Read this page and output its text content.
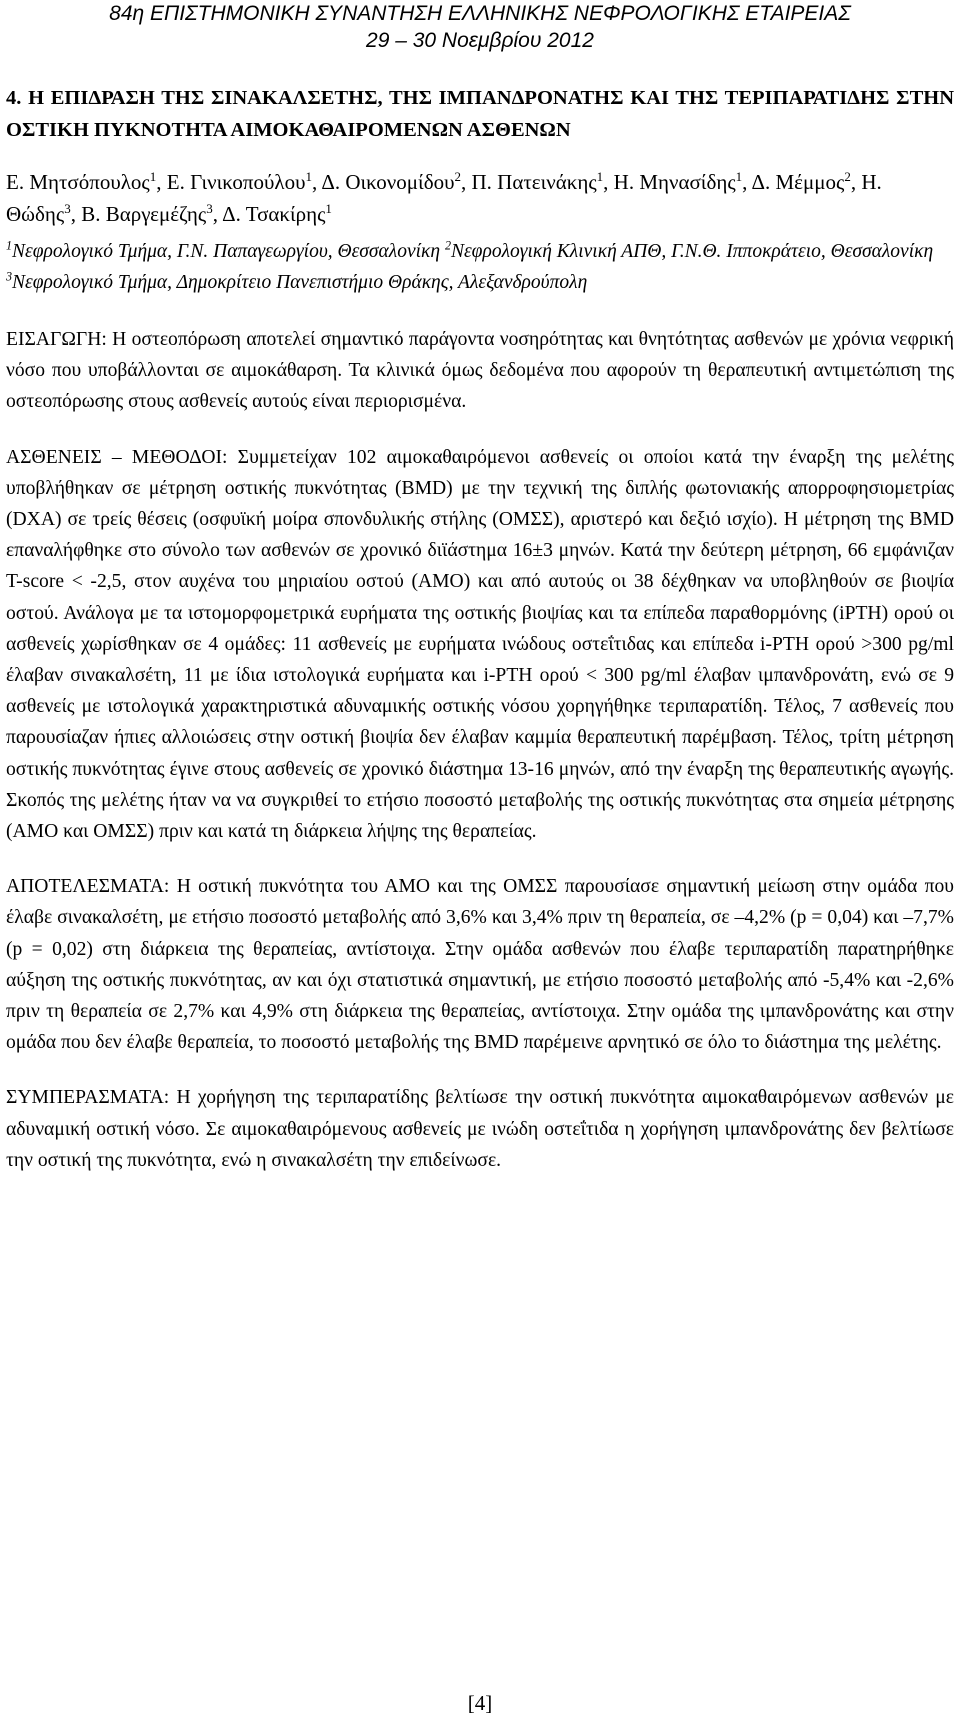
84η ΕΠΙΣΤΗΜΟΝΙΚΗ ΣΥΝΑΝΤΗΣΗ ΕΛΛΗΝΙΚΗΣ ΝΕΦΡΟΛΟΓΙΚΗΣ ΕΤΑΙΡΕΙΑΣ
29 – 30 Νοεμβρίου 2012
4. Η ΕΠΙΔΡΑΣΗ ΤΗΣ ΣΙΝΑΚΑΛΣΕΤΗΣ, ΤΗΣ ΙΜΠΑΝΔΡΟΝΑΤΗΣ ΚΑΙ ΤΗΣ ΤΕΡΙΠΑΡΑΤΙΔΗΣ ΣΤΗΝ ΟΣΤΙΚΗ ΠΥΚΝΟΤΗΤΑ ΑΙΜΟΚΑΘΑΙΡΟΜΕΝΩΝ ΑΣΘΕΝΩΝ
Ε. Μητσόπουλος$^1$, Ε. Γινικοπούλου$^1$, Δ. Οικονομίδου$^2$, Π. Πατεινάκης$^1$, Η. Μηνασίδης$^1$, Δ. Μέμμος$^2$, Η. Θώδης$^3$, Β. Βαργεμέζης$^3$, Δ. Τσακίρης$^1$
$^1$Νεφρολογικό Τμήμα, Γ.Ν. Παπαγεωργίου, Θεσσαλονίκη $^2$Νεφρολογική Κλινική ΑΠΘ, Γ.Ν.Θ. Ιπποκράτειο, Θεσσαλονίκη $^3$Νεφρολογικό Τμήμα, Δημοκρίτειο Πανεπιστήμιο Θράκης, Αλεξανδρούπολη
ΕΙΣΑΓΩΓΗ: Η οστεοπόρωση αποτελεί σημαντικό παράγοντα νοσηρότητας και θνητότητας ασθενών με χρόνια νεφρική νόσο που υποβάλλονται σε αιμοκάθαρση. Τα κλινικά όμως δεδομένα που αφορούν τη θεραπευτική αντιμετώπιση της οστεοπόρωσης στους ασθενείς αυτούς είναι περιορισμένα.
ΑΣΘΕΝΕΙΣ – ΜΕΘΟΔΟΙ: Συμμετείχαν 102 αιμοκαθαιρόμενοι ασθενείς οι οποίοι κατά την έναρξη της μελέτης υποβλήθηκαν σε μέτρηση οστικής πυκνότητας (BMD) με την τεχνική της διπλής φωτονιακής απορροφησιομετρίας (DXA) σε τρείς θέσεις (οσφυϊκή μοίρα σπονδυλικής στήλης (ΟΜΣΣ), αριστερό και δεξιό ισχίο). Η μέτρηση της BMD επαναλήφθηκε στο σύνολο των ασθενών σε χρονικό διϊάστημα 16±3 μηνών. Κατά την δεύτερη μέτρηση, 66 εμφάνιζαν T-score < -2,5, στον αυχένα του μηριαίου οστού (ΑΜΟ) και από αυτούς οι 38 δέχθηκαν να υποβληθούν σε βιοψία οστού. Ανάλογα με τα ιστομορφομετρικά ευρήματα της οστικής βιοψίας και τα επίπεδα παραθορμόνης (iPTH) ορού οι ασθενείς χωρίσθηκαν σε 4 ομάδες: 11 ασθενείς με ευρήματα ινώδους οστεΐτιδας και επίπεδα i-PTH ορού >300 pg/ml έλαβαν σινακαλσέτη, 11 με ίδια ιστολογικά ευρήματα και i-PTH ορού < 300 pg/ml έλαβαν ιμπανδρονάτη, ενώ σε 9 ασθενείς με ιστολογικά χαρακτηριστικά αδυναμικής οστικής νόσου χορηγήθηκε τεριπαρατίδη. Τέλος, 7 ασθενείς που παρουσίαζαν ήπιες αλλοιώσεις στην οστική βιοψία δεν έλαβαν καμμία θεραπευτική παρέμβαση. Τέλος, τρίτη μέτρηση οστικής πυκνότητας έγινε στους ασθενείς σε χρονικό διάστημα 13-16 μηνών, από την έναρξη της θεραπευτικής αγωγής. Σκοπός της μελέτης ήταν να να συγκριθεί το ετήσιο ποσοστό μεταβολής της οστικής πυκνότητας στα σημεία μέτρησης (ΑΜΟ και ΟΜΣΣ) πριν και κατά τη διάρκεια λήψης της θεραπείας.
ΑΠΟΤΕΛΕΣΜΑΤΑ: Η οστική πυκνότητα του ΑΜΟ και της ΟΜΣΣ παρουσίασε σημαντική μείωση στην ομάδα που έλαβε σινακαλσέτη, με ετήσιο ποσοστό μεταβολής από 3,6% και 3,4% πριν τη θεραπεία, σε –4,2% (p = 0,04) και –7,7% (p = 0,02) στη διάρκεια της θεραπείας, αντίστοιχα. Στην ομάδα ασθενών που έλαβε τεριπαρατίδη παρατηρήθηκε αύξηση της οστικής πυκνότητας, αν και όχι στατιστικά σημαντική, με ετήσιο ποσοστό μεταβολής από -5,4% και -2,6% πριν τη θεραπεία σε 2,7% και 4,9% στη διάρκεια της θεραπείας, αντίστοιχα. Στην ομάδα της ιμπανδρονάτης και στην ομάδα που δεν έλαβε θεραπεία, το ποσοστό μεταβολής της BMD παρέμεινε αρνητικό σε όλο το διάστημα της μελέτης.
ΣΥΜΠΕΡΑΣΜΑΤΑ: Η χορήγηση της τεριπαρατίδης βελτίωσε την οστική πυκνότητα αιμοκαθαιρόμενων ασθενών με αδυναμική οστική νόσο. Σε αιμοκαθαιρόμενους ασθενείς με ινώδη οστεΐτιδα η χορήγηση ιμπανδρονάτης δεν βελτίωσε την οστική της πυκνότητα, ενώ η σινακαλσέτη την επιδείνωσε.
[4]
